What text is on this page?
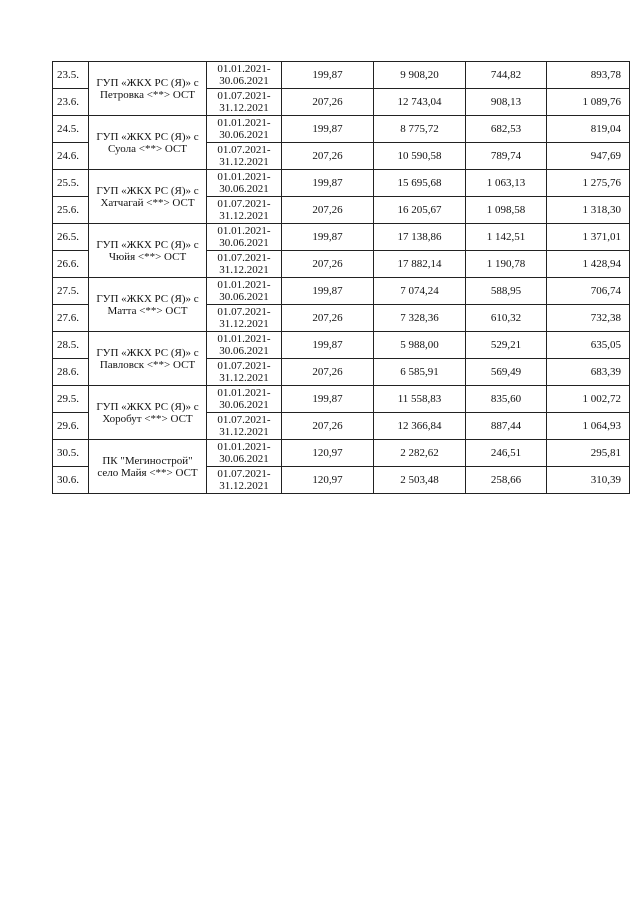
23.5.	ГУП «ЖКХ РС (Я)» с Петровка <**> ОСТ	01.01.2021-
30.06.2021	199,87	9 908,20	744,82	893,78
23.6.		01.07.2021-
31.12.2021	207,26	12 743,04	908,13	1 089,76
24.5.	ГУП «ЖКХ РС (Я)» с Суола <**> ОСТ	01.01.2021-
30.06.2021	199,87	8 775,72	682,53	819,04
24.6.		01.07.2021-
31.12.2021	207,26	10 590,58	789,74	947,69
25.5.	ГУП «ЖКХ РС (Я)» с Хатчагай <**> ОСТ	01.01.2021-
30.06.2021	199,87	15 695,68	1 063,13	1 275,76
25.6.		01.07.2021-
31.12.2021	207,26	16 205,67	1 098,58	1 318,30
26.5.	ГУП «ЖКХ РС (Я)» с Чюйя <**> ОСТ	01.01.2021-
30.06.2021	199,87	17 138,86	1 142,51	1 371,01
26.6.		01.07.2021-
31.12.2021	207,26	17 882,14	1 190,78	1 428,94
27.5.	ГУП «ЖКХ РС (Я)» с Матта <**> ОСТ	01.01.2021-
30.06.2021	199,87	7 074,24	588,95	706,74
27.6.		01.07.2021-
31.12.2021	207,26	7 328,36	610,32	732,38
28.5.	ГУП «ЖКХ РС (Я)» с Павловск <**> ОСТ	01.01.2021-
30.06.2021	199,87	5 988,00	529,21	635,05
28.6.		01.07.2021-
31.12.2021	207,26	6 585,91	569,49	683,39
29.5.	ГУП «ЖКХ РС (Я)» с Хоробут <**> ОСТ	01.01.2021-
30.06.2021	199,87	11 558,83	835,60	1 002,72
29.6.		01.07.2021-
31.12.2021	207,26	12 366,84	887,44	1 064,93
30.5.	ПК "Мегинострой" село Майя <**> ОСТ	01.01.2021-
30.06.2021	120,97	2 282,62	246,51	295,81
30.6.		01.07.2021-
31.12.2021	120,97	2 503,48	258,66	310,39
